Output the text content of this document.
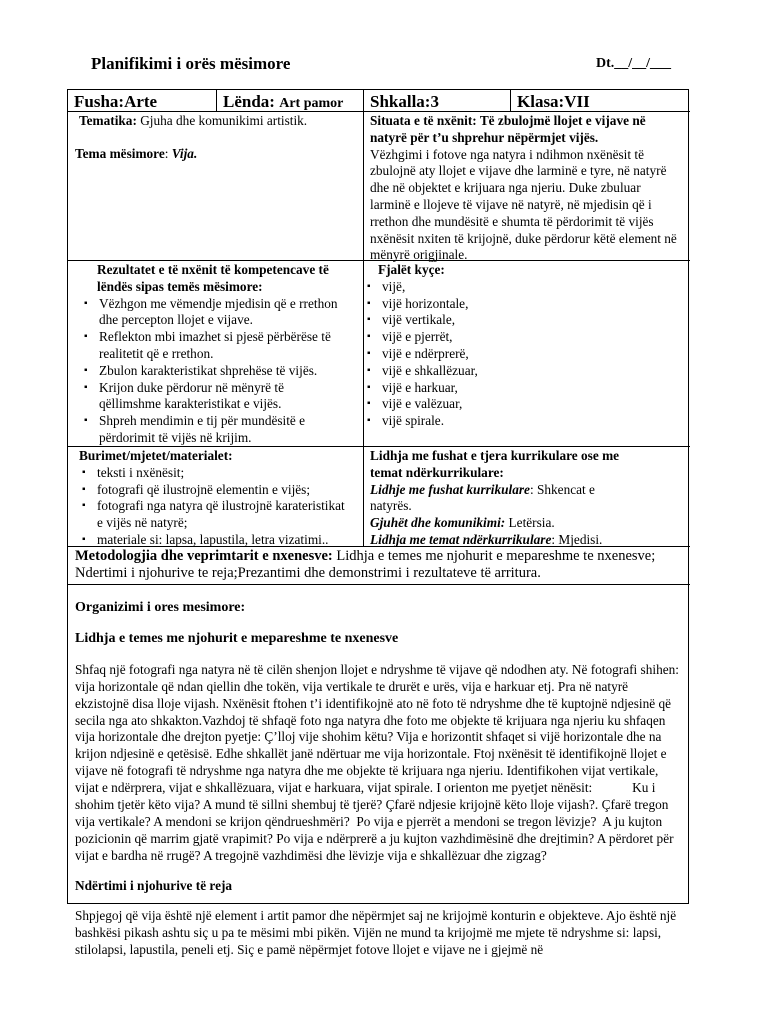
Planifikimi i orës mësimore	Dt.__/__/___
Fusha:Arte	Lënda: Art pamor	Shkalla:3	Klasa:VII

Tematika: Gjuha dhe komunikimi artistik.

Tema mësimore: Vija.

Situata e të nxënit: Të zbulojmë llojet e vijave në natyrë për t’u shprehur nëpërmjet vijës.

Vëzhgimi i fotove nga natyra i ndihmon nxënësit të zbulojnë aty llojet e vijave dhe larminë e tyre, në natyrë dhe në objektet e krijuara nga njeriu. Duke zbuluar larminë e llojeve të vijave në natyrë, në mjedisin që i rrethon dhe mundësitë e shumta të përdorimit të vijës nxënësit nxiten të krijojnë, duke përdorur këtë element në mënyrë origjinale.

Rezultatet e të nxënit të kompetencave të lëndës sipas temës mësimore:

▪ Vëzhgon me vëmendje mjedisin që e rrethon dhe percepton llojet e vijave.
▪ Reflekton mbi imazhet si pjesë përbërëse të realitetit që e rrethon.
▪ Zbulon karakteristikat shprehëse të vijës.
▪ Krijon duke përdorur në mënyrë të qëllimshme karakteristikat e vijës.
▪ Shpreh mendimin e tij për mundësitë e përdorimit të vijës në krijim.

Fjalët kyçe:

▪ vijë,
▪ vijë horizontale,
▪ vijë vertikale,
▪ vijë e pjerrët,
▪ vijë e ndërprerë,
▪ vijë e shkallëzuar,
▪ vijë e harkuar,
▪ vijë e valëzuar,
▪ vijë spirale.

Burimet/mjetet/materialet:

▪ teksti i nxënësit;
▪ fotografi që ilustrojnë elementin e vijës;
▪ fotografi nga natyra që ilustrojnë karateristikat e vijës në natyrë;
▪ materiale si: lapsa, lapustila, letra vizatimi..

Lidhja me fushat e tjera kurrikulare ose me temat ndërkurrikulare:

Lidhje me fushat kurrikulare: Shkencat e natyrës.

Gjuhët dhe komunikimi: Letërsia.

Lidhja me temat ndërkurrikulare: Mjedisi.

Metodologjia dhe veprimtarit e nxenesve: Lidhja e temes me njohurit e mepareshme te nxenesve; Ndertimi i njohurive te reja;Prezantimi dhe demonstrimi i rezultateve të arritura.

Organizimi i ores mesimore:

Lidhja e temes me njohurit e mepareshme te nxenesve

Shfaq një fotografi nga natyra në të cilën shenjon llojet e ndryshme të vijave që ndodhen aty. Në fotografi shihen: vija horizontale që ndan qiellin dhe tokën, vija vertikale te drurët e urës, vija e harkuar etj. Pra në natyrë ekzistojnë disa lloje vijash. Nxënësit ftohen t’i identifikojnë ato në foto të ndryshme dhe të kuptojnë ndjesinë që secila nga ato shkakton.Vazhdoj të shfaqë foto nga natyra dhe foto me objekte të krijuara nga njeriu ku shfaqen vija horizontale dhe drejton pyetje: Ç’lloj vije shohim këtu? Vija e horizontit shfaqet si vijë horizontale dhe na krijon ndjesinë e qetësisë. Edhe shkallët janë ndërtuar me vija horizontale. Ftoj nxënësit të identifikojnë llojet e vijave në fotografi të ndryshme nga natyra dhe me objekte të krijuara nga njeriu. Identifikohen vijat vertikale, vijat e ndërprera, vijat e shkallëzuara, vijat e harkuara, vijat spirale. I orienton me pyetjet nënësit:            Ku i shohim tjetër këto vija? A mund të sillni shembuj të tjerë? Çfarë ndjesie krijojnë këto lloje vijash?. Çfarë tregon vija vertikale? A mendoni se krijon qëndrueshmëri?  Po vija e pjerrët a mendoni se tregon lëvizje?  A ju kujton pozicionin që marrim gjatë vrapimit? Po vija e ndërprerë a ju kujton vazhdimësinë dhe drejtimin? A përdoret për vijat e bardha në rrugë? A tregojnë vazhdimësi dhe lëvizje vija e shkallëzuar dhe zigzag?

Ndërtimi i njohurive të reja

Shpjegoj që vija është një element i artit pamor dhe nëpërmjet saj ne krijojmë konturin e objekteve. Ajo është një bashkësi pikash ashtu siç u pa te mësimi mbi pikën. Vijën ne mund ta krijojmë me mjete të ndryshme si: lapsi, stilolapsi, lapustila, peneli etj. Siç e pamë nëpërmjet fotove llojet e vijave ne i gjejmë në
